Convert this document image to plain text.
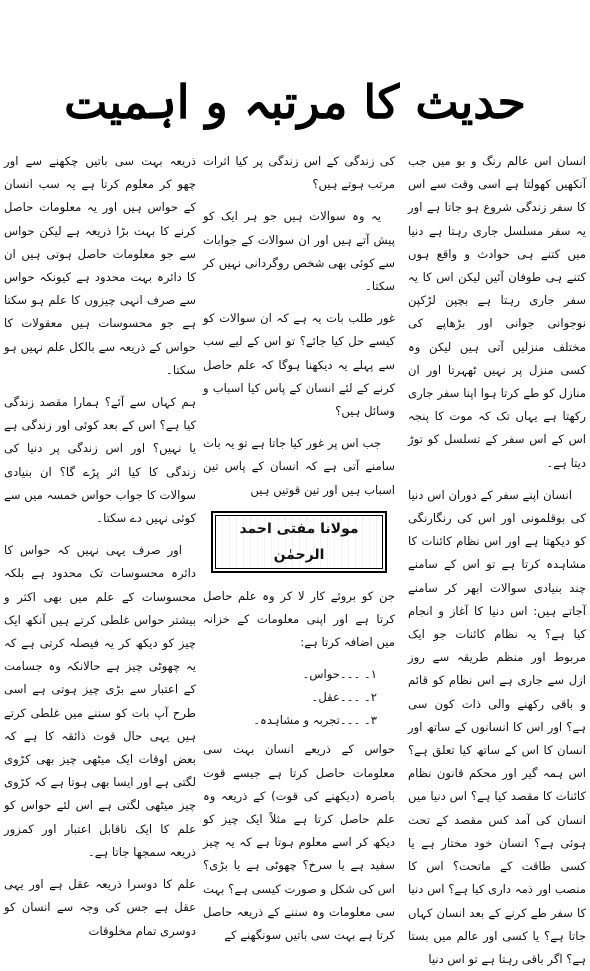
حدیث کا مرتبہ و اہمیت

انسان اس عالم رنگ و بو میں جب آنکھیں کھولتا ہے اسی وقت سے اس کا سفر زندگی شروع ہو جاتا ہے اور یہ سفر مسلسل جاری رہتا ہے دنیا میں کتنے ہی حوادث و واقع ہوں کتنے ہی طوفان آئیں لیکن اس کا یہ سفر جاری رہتا ہے بچپن لڑکپن نوجوانی جوانی اور بڑھاپے کی مختلف منزلیں آتی ہیں لیکن وہ کسی منزل پر نہیں ٹھہرتا اور ان منازل کو طے کرتا ہوا اپنا سفر جاری رکھتا ہے یہاں تک کہ موت کا پنجہ اس کے اس سفر کے تسلسل کو توڑ دیتا ہے۔

انسان اپنے سفر کے دوران اس دنیا کی بوقلمونی اور اس کی رنگارنگی کو دیکھتا ہے اور اس نظام کائنات کا مشاہدہ کرتا ہے تو اس کے سامنے چند بنیادی سوالات ابھر کر سامنے آجاتے ہیں: اس دنیا کا آغاز و انجام کیا ہے؟ یہ نظام کائنات جو ایک مربوط اور منظم طریقہ سے روز ازل سے جاری ہے اس نظام کو قائم و باقی رکھنے والی ذات کون سی ہے؟ اور اس کا انسانوں کے ساتھ اور انسان کا اس کے ساتھ کیا تعلق ہے؟ اس ہمہ گیر اور محکم قانون نظام کائنات کا مقصد کیا ہے؟ اس دنیا میں انسان کی آمد کس مقصد کے تحت ہوئی ہے؟ انسان خود مختار ہے یا کسی طاقت کے ماتحت؟ اس کا منصب اور ذمہ داری کیا ہے؟ اس دنیا کا سفر طے کرنے کے بعد انسان کہاں جاتا ہے؟ یا کسی اور عالم میں بستا ہے؟ اگر باقی رہتا ہے تو اس دنیا

کی زندگی کے اس زندگی پر کیا اثرات مرتب ہوتے ہیں؟

یہ وہ سوالات ہیں جو ہر ایک کو پیش آتے ہیں اور ان سوالات کے جوابات سے کوئی بھی شخص روگردانی نہیں کر سکتا۔

غور طلب بات یہ ہے کہ ان سوالات کو کیسے حل کیا جائے؟ تو اس کے لیے سب سے پہلے یہ دیکھنا ہوگا کہ علم حاصل کرنے کے لئے انسان کے پاس کیا اسباب و وسائل ہیں؟

جب اس پر غور کیا جاتا ہے تو یہ بات سامنے آتی ہے کہ انسان کے پاس تین اسباب ہیں اور تین قوتیں ہیں

مولانا مفتی احمد الرحمٰن

جن کو بروئے کار لا کر وہ علم حاصل کرتا ہے اور اپنی معلومات کے خزانہ میں اضافہ کرتا ہے:

۱۔ ۔۔۔حواس۔
۲۔ ۔۔۔عقل۔
۳۔ ۔۔۔تجربہ و مشاہدہ۔

حواس کے ذریعے انسان بہت سی معلومات حاصل کرتا ہے جیسے قوت باصرہ (دیکھنے کی قوت) کے ذریعہ وہ علم حاصل کرتا ہے مثلاً ایک چیز کو دیکھ کر اسے معلوم ہوتا ہے کہ یہ چیز سفید ہے یا سرخ؟ چھوٹی ہے یا بڑی؟ اس کی شکل و صورت کیسی ہے؟ بہت سی معلومات وہ سننے کے ذریعہ حاصل کرتا ہے بہت سی باتیں سونگھنے کے

ذریعہ بہت سی باتیں چکھنے سے اور چھو کر معلوم کرتا ہے یہ سب انسان کے حواس ہیں اور یہ معلومات حاصل کرنے کا بہت بڑا ذریعہ ہے لیکن حواس سے جو معلومات حاصل ہوتی ہیں ان کا دائرہ بہت محدود ہے کیونکہ حواس سے صرف انہی چیزوں کا علم ہو سکتا ہے جو محسوسات ہیں معقولات کا حواس کے ذریعہ سے بالکل علم نہیں ہو سکتا۔

ہم کہاں سے آئے؟ ہمارا مقصد زندگی کیا ہے؟ اس کے بعد کوئی اور زندگی ہے یا نہیں؟ اور اس زندگی پر دنیا کی زندگی کا کیا اثر پڑے گا؟ ان بنیادی سوالات کا جواب حواس خمسہ میں سے کوئی نہیں دے سکتا۔

اور صرف یہی نہیں کہ حواس کا دائرہ محسوسات تک محدود ہے بلکہ محسوسات کے علم میں بھی اکثر و بیشتر حواس غلطی کرتے ہیں آنکھ ایک چیز کو دیکھ کر یہ فیصلہ کرتی ہے کہ یہ چھوٹی چیز ہے حالانکہ وہ جسامت کے اعتبار سے بڑی چیز ہوتی ہے اسی طرح آپ بات کو سننے میں غلطی کرتے ہیں یہی حال قوت ذائقہ کا ہے کہ بعض اوقات ایک میٹھی چیز بھی کڑوی لگتی ہے اور ایسا بھی ہوتا ہے کہ کڑوی چیز میٹھی لگتی ہے اس لئے حواس کو علم کا ایک ناقابل اعتبار اور کمزور ذریعہ سمجھا جاتا ہے۔

علم کا دوسرا ذریعہ عقل ہے اور یہی عقل ہے جس کی وجہ سے انسان کو دوسری تمام مخلوقات
